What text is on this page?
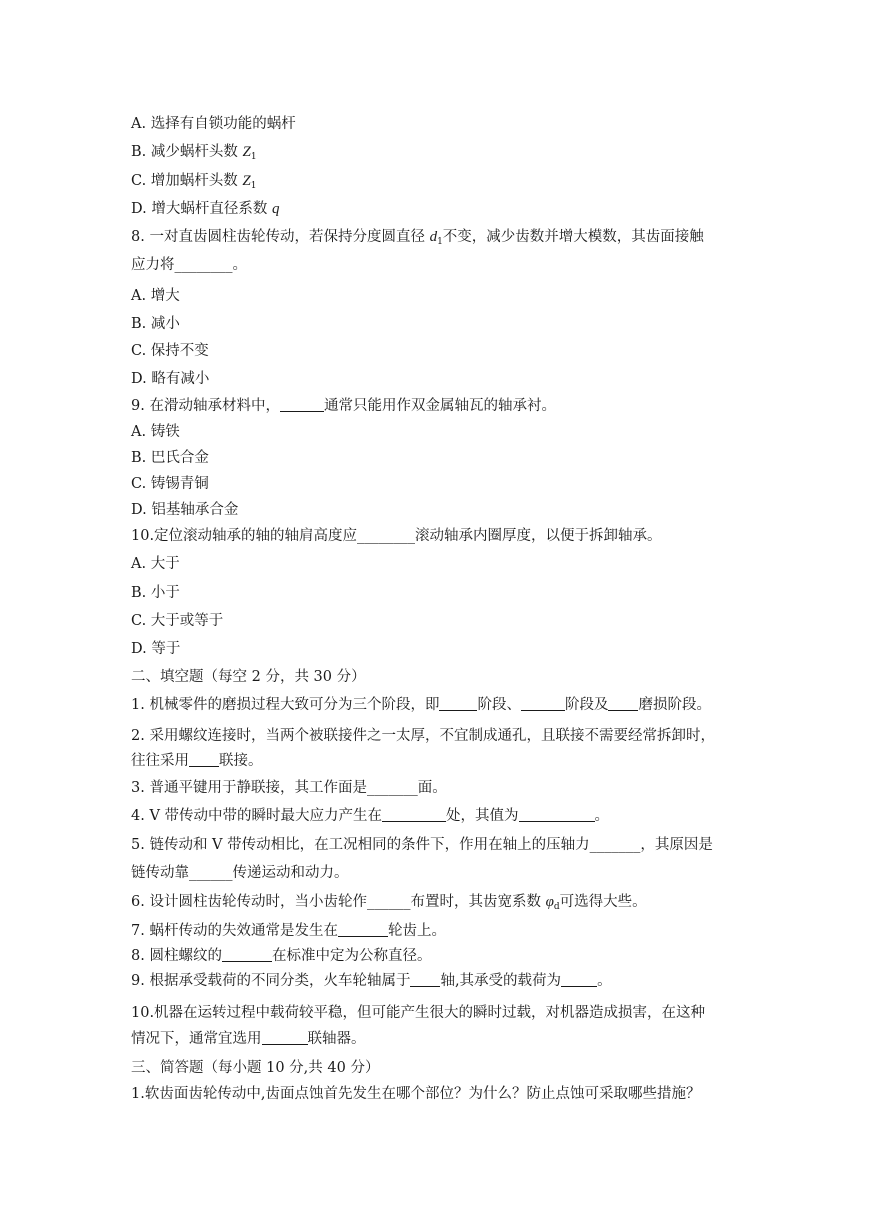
A. 选择有自锁功能的蜗杆
B. 减少蜗杆头数 $Z_1$
C. 增加蜗杆头数 $Z_1$
D. 增大蜗杆直径系数 q
8. 一对直齿圆柱齿轮传动，若保持分度圆直径 $d_1$不变，减少齿数并增大模数，其齿面接触
应力将________。
A. 增大
B. 减小
C. 保持不变
D. 略有减小
9. 在滑动轴承材料中，	通常只能用作双金属轴瓦的轴承衬。
A. 铸铁
B. 巴氏合金
C. 铸锡青铜
D. 铝基轴承合金
10.定位滚动轴承的轴的轴肩高度应________滚动轴承内圈厚度，以便于拆卸轴承。
A. 大于
B. 小于
C. 大于或等于
D. 等于
二、填空题（每空 2 分，共 30 分）
1. 机械零件的磨损过程大致可分为三个阶段，即	阶段、	阶段及 磨损阶段。
2. 采用螺纹连接时，当两个被联接件之一太厚，不宜制成通孔，且联接不需要经常拆卸时，
往往采用 联接。
3. 普通平键用于静联接，其工作面是_______面。
4. V 带传动中带的瞬时最大应力产生在	处，其值为	。
5. 链传动和 V 带传动相比，在工况相同的条件下，作用在轴上的压轴力_______，其原因是
链传动靠______传递运动和动力。
6. 设计圆柱齿轮传动时，当小齿轮作______布置时，其齿宽系数 $\varphi_d$可选得大些。
7. 蜗杆传动的失效通常是发生在	轮齿上。
8. 圆柱螺纹的	在标准中定为公称直径。
9. 根据承受载荷的不同分类，火车轮轴属于 轴,其承受的载荷为 。
10.机器在运转过程中载荷较平稳，但可能产生很大的瞬时过载，对机器造成损害，在这种
情况下，通常宜选用	联轴器。
三、简答题（每小题 10 分,共 40 分）
1.软齿面齿轮传动中,齿面点蚀首先发生在哪个部位？为什么？防止点蚀可采取哪些措施？
